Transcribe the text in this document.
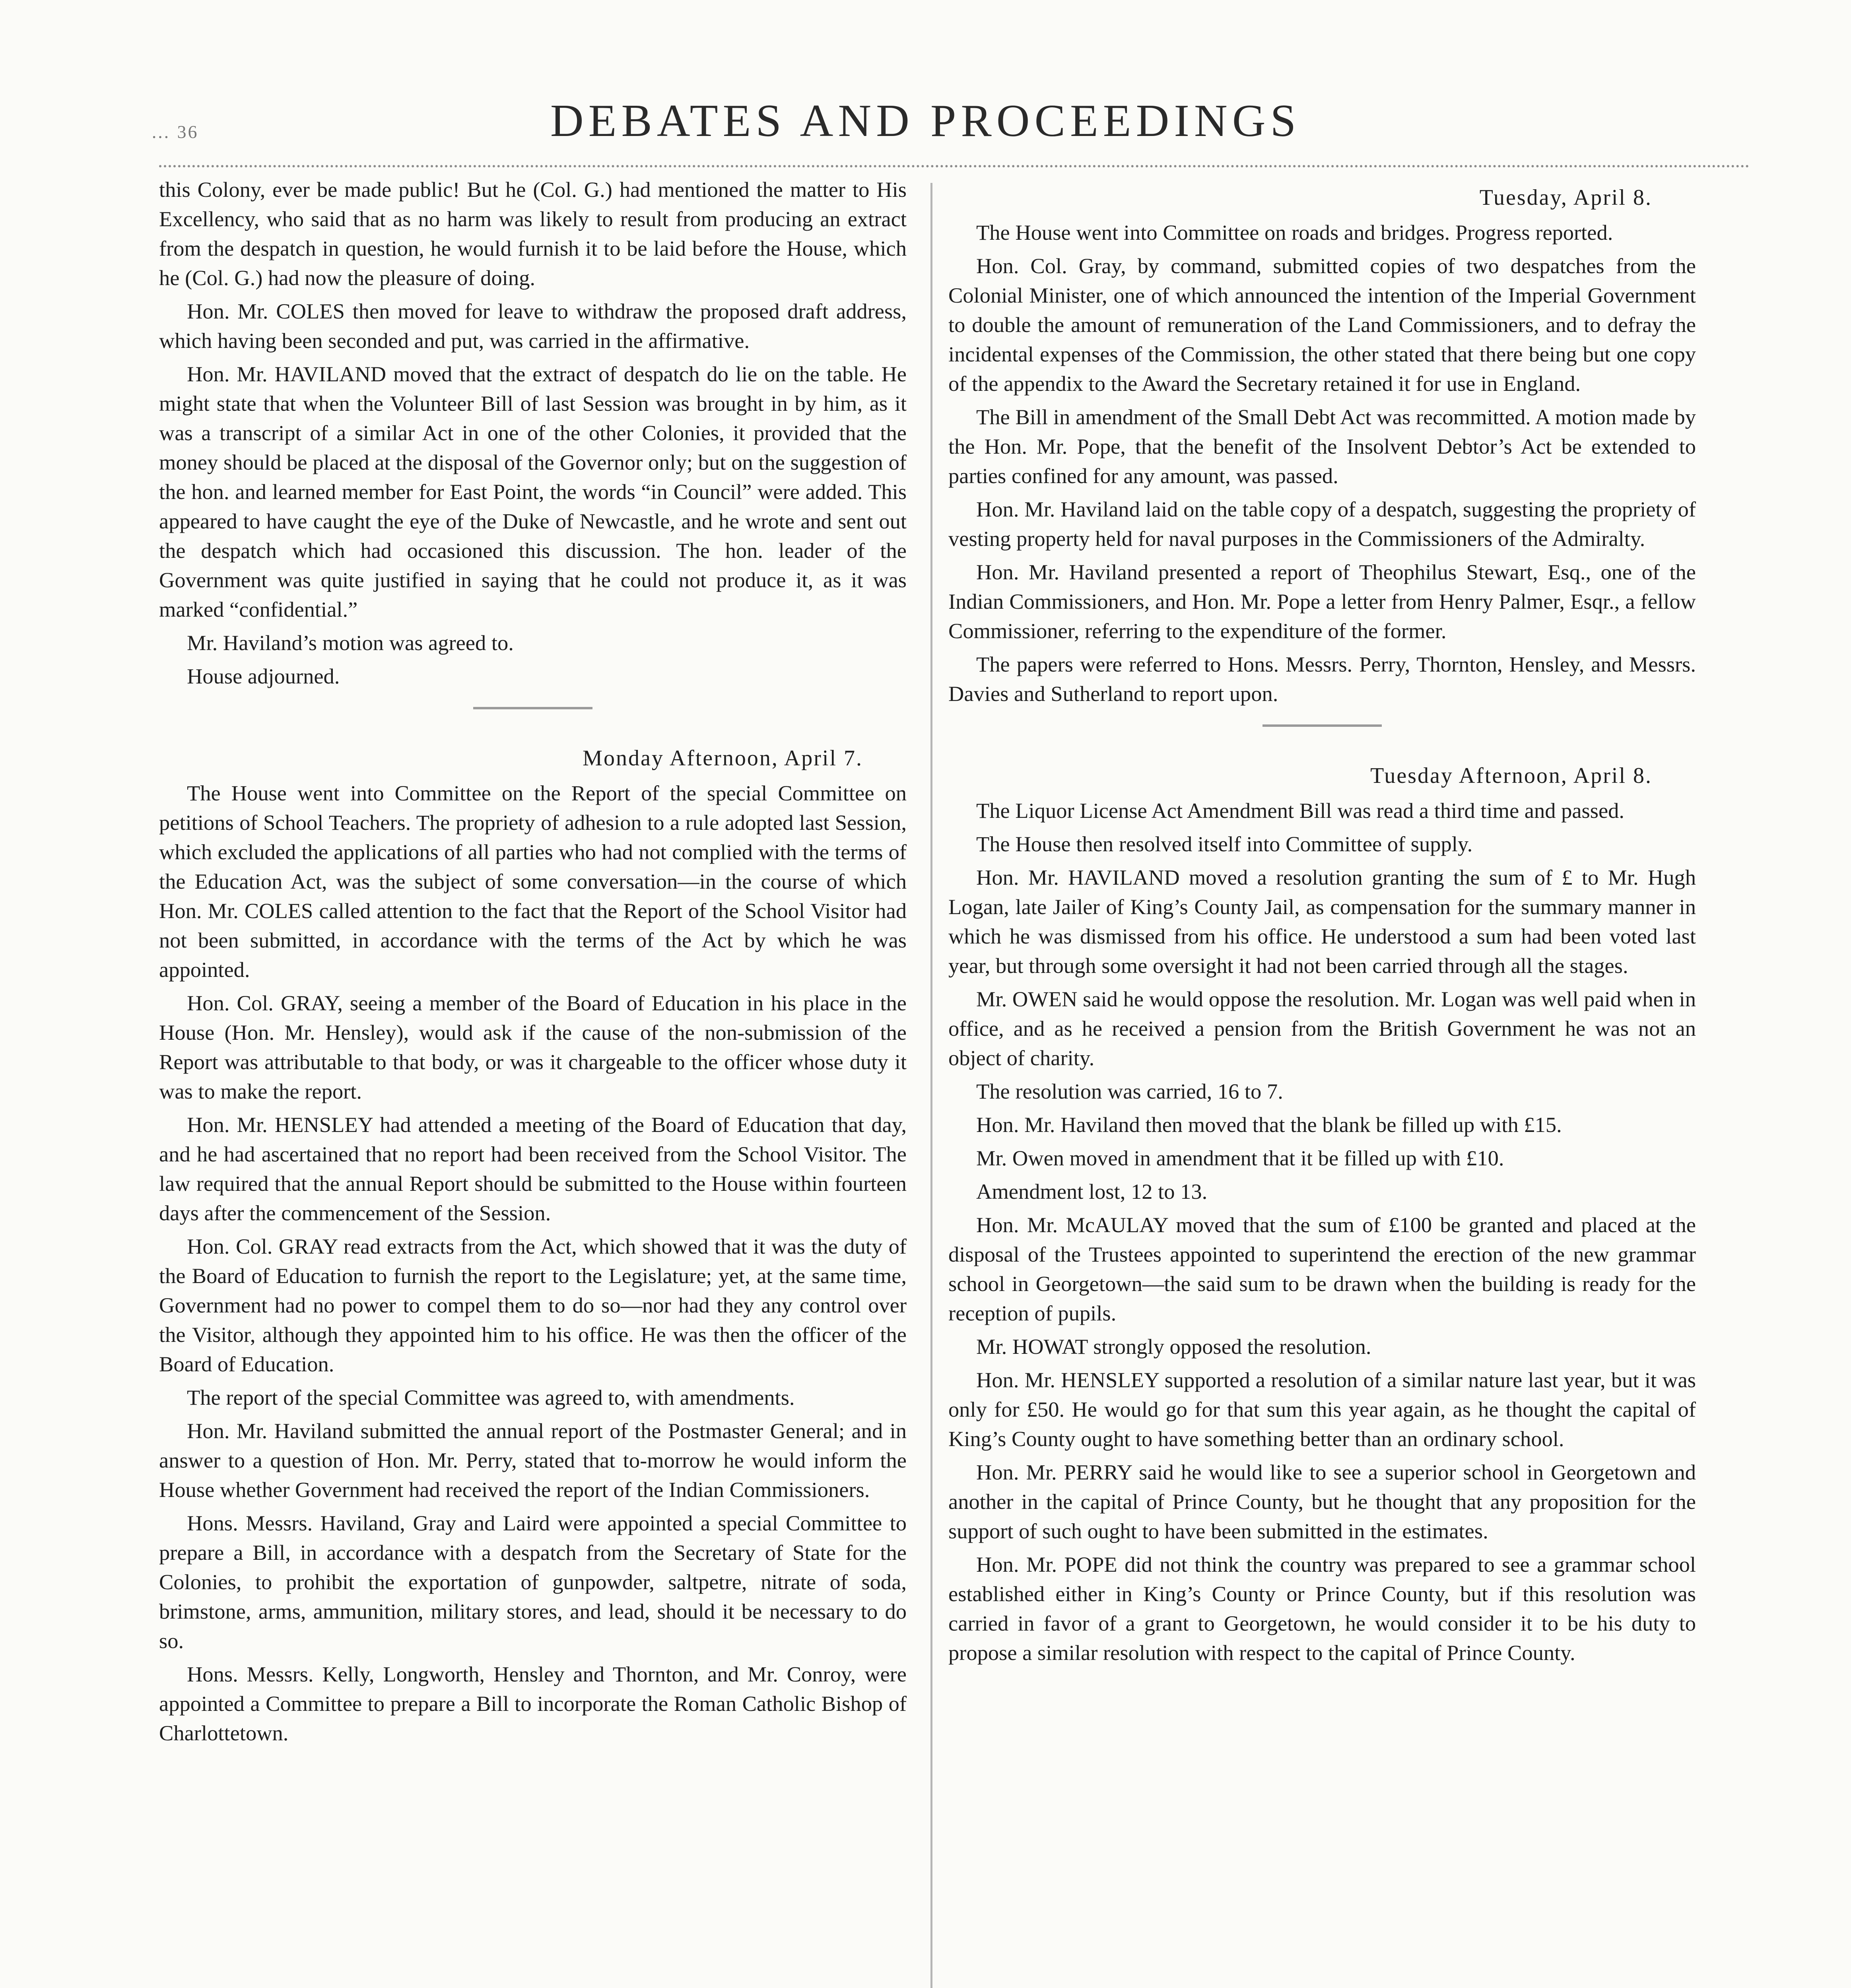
… 36	DEBATES AND PROCEEDINGS

this Colony, ever be made public! But he (Col. G.) had mentioned the matter to His Excellency, who said that as no harm was likely to result from producing an extract from the despatch in question, he would furnish it to be laid before the House, which he (Col. G.) had now the pleasure of doing.

Hon. Mr. COLES then moved for leave to withdraw the proposed draft address, which having been seconded and put, was carried in the affirmative.

Hon. Mr. HAVILAND moved that the extract of despatch do lie on the table. He might state that when the Volunteer Bill of last Session was brought in by him, as it was a transcript of a similar Act in one of the other Colonies, it provided that the money should be placed at the disposal of the Governor only; but on the suggestion of the hon. and learned member for East Point, the words “in Council” were added. This appeared to have caught the eye of the Duke of Newcastle, and he wrote and sent out the despatch which had occasioned this discussion. The hon. leader of the Government was quite justified in saying that he could not produce it, as it was marked “confidential.”

Mr. Haviland’s motion was agreed to.

House adjourned.

Monday Afternoon, April 7.

The House went into Committee on the Report of the special Committee on petitions of School Teachers. The propriety of adhesion to a rule adopted last Session, which excluded the applications of all parties who had not complied with the terms of the Education Act, was the subject of some conversation—in the course of which Hon. Mr. COLES called attention to the fact that the Report of the School Visitor had not been submitted, in accordance with the terms of the Act by which he was appointed.

Hon. Col. GRAY, seeing a member of the Board of Education in his place in the House (Hon. Mr. Hensley), would ask if the cause of the non-submission of the Report was attributable to that body, or was it chargeable to the officer whose duty it was to make the report.

Hon. Mr. HENSLEY had attended a meeting of the Board of Education that day, and he had ascertained that no report had been received from the School Visitor. The law required that the annual Report should be submitted to the House within fourteen days after the commencement of the Session.

Hon. Col. GRAY read extracts from the Act, which showed that it was the duty of the Board of Education to furnish the report to the Legislature; yet, at the same time, Government had no power to compel them to do so—nor had they any control over the Visitor, although they appointed him to his office. He was then the officer of the Board of Education.

The report of the special Committee was agreed to, with amendments.

Hon. Mr. Haviland submitted the annual report of the Postmaster General; and in answer to a question of Hon. Mr. Perry, stated that to-morrow he would inform the House whether Government had received the report of the Indian Commissioners.

Hons. Messrs. Haviland, Gray and Laird were appointed a special Committee to prepare a Bill, in accordance with a despatch from the Secretary of State for the Colonies, to prohibit the exportation of gunpowder, saltpetre, nitrate of soda, brimstone, arms, ammunition, military stores, and lead, should it be necessary to do so.

Hons. Messrs. Kelly, Longworth, Hensley and Thornton, and Mr. Conroy, were appointed a Committee to prepare a Bill to incorporate the Roman Catholic Bishop of Charlottetown.

Tuesday, April 8.

The House went into Committee on roads and bridges. Progress reported.

Hon. Col. Gray, by command, submitted copies of two despatches from the Colonial Minister, one of which announced the intention of the Imperial Government to double the amount of remuneration of the Land Commissioners, and to defray the incidental expenses of the Commission, the other stated that there being but one copy of the appendix to the Award the Secretary retained it for use in England.

The Bill in amendment of the Small Debt Act was recommitted. A motion made by the Hon. Mr. Pope, that the benefit of the Insolvent Debtor’s Act be extended to parties confined for any amount, was passed.

Hon. Mr. Haviland laid on the table copy of a despatch, suggesting the propriety of vesting property held for naval purposes in the Commissioners of the Admiralty.

Hon. Mr. Haviland presented a report of Theophilus Stewart, Esq., one of the Indian Commissioners, and Hon. Mr. Pope a letter from Henry Palmer, Esqr., a fellow Commissioner, referring to the expenditure of the former.

The papers were referred to Hons. Messrs. Perry, Thornton, Hensley, and Messrs. Davies and Sutherland to report upon.

Tuesday Afternoon, April 8.

The Liquor License Act Amendment Bill was read a third time and passed.

The House then resolved itself into Committee of supply.

Hon. Mr. HAVILAND moved a resolution granting the sum of £ to Mr. Hugh Logan, late Jailer of King’s County Jail, as compensation for the summary manner in which he was dismissed from his office. He understood a sum had been voted last year, but through some oversight it had not been carried through all the stages.

Mr. OWEN said he would oppose the resolution. Mr. Logan was well paid when in office, and as he received a pension from the British Government he was not an object of charity.

The resolution was carried, 16 to 7.

Hon. Mr. Haviland then moved that the blank be filled up with £15.

Mr. Owen moved in amendment that it be filled up with £10.

Amendment lost, 12 to 13.

Hon. Mr. McAULAY moved that the sum of £100 be granted and placed at the disposal of the Trustees appointed to superintend the erection of the new grammar school in Georgetown—the said sum to be drawn when the building is ready for the reception of pupils.

Mr. HOWAT strongly opposed the resolution.

Hon. Mr. HENSLEY supported a resolution of a similar nature last year, but it was only for £50. He would go for that sum this year again, as he thought the capital of King’s County ought to have something better than an ordinary school.

Hon. Mr. PERRY said he would like to see a superior school in Georgetown and another in the capital of Prince County, but he thought that any proposition for the support of such ought to have been submitted in the estimates.

Hon. Mr. POPE did not think the country was prepared to see a grammar school established either in King’s County or Prince County, but if this resolution was carried in favor of a grant to Georgetown, he would consider it to be his duty to propose a similar resolution with respect to the capital of Prince County.
